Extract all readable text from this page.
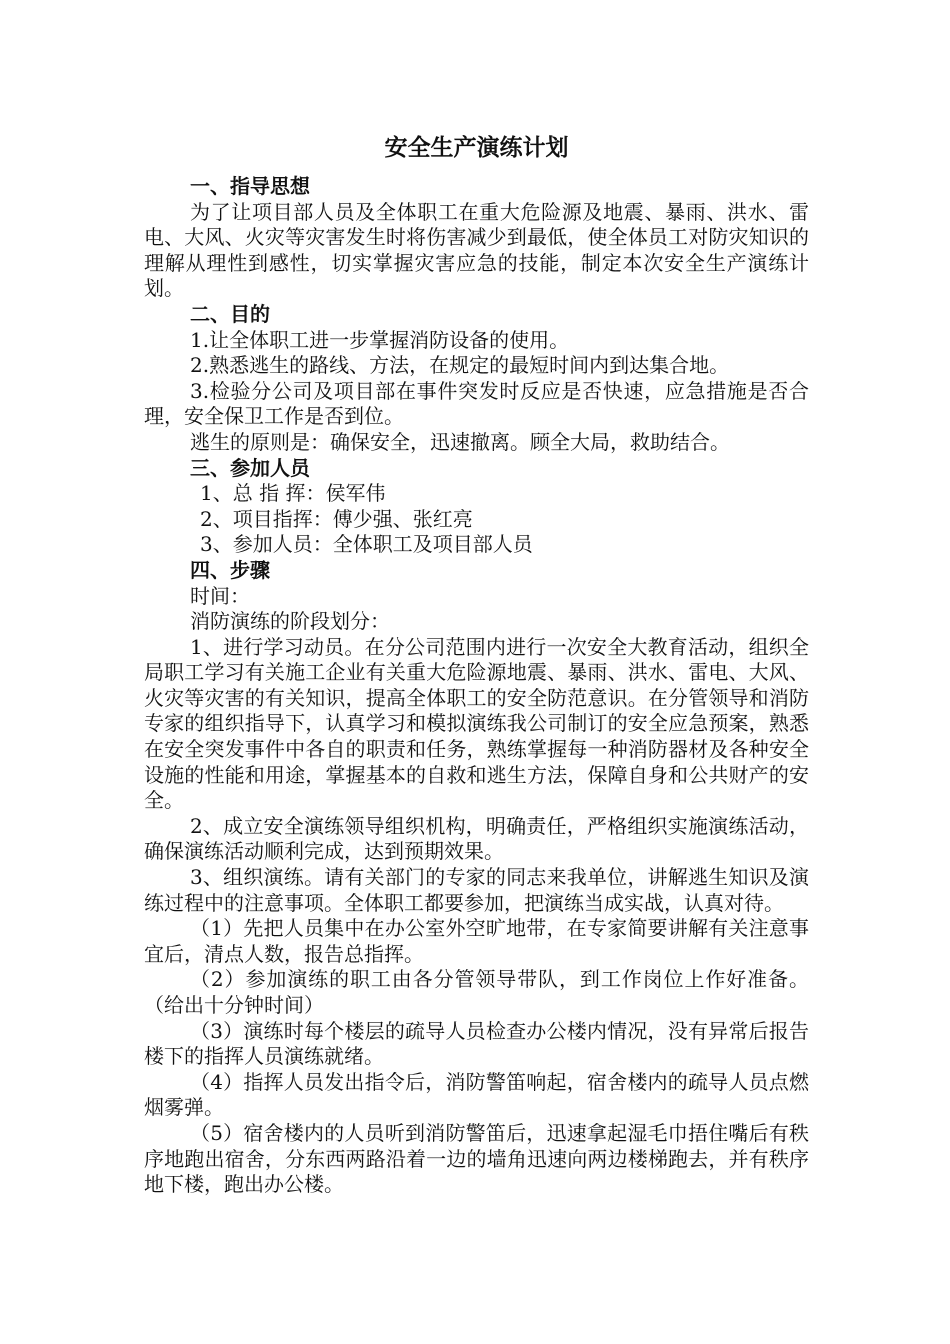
安全生产演练计划
一、指导思想
为了让项目部人员及全体职工在重大危险源及地震、暴雨、洪水、雷电、大风、火灾等灾害发生时将伤害减少到最低，使全体员工对防灾知识的理解从理性到感性，切实掌握灾害应急的技能，制定本次安全生产演练计划。
二、目的
1.让全体职工进一步掌握消防设备的使用。
2.熟悉逃生的路线、方法，在规定的最短时间内到达集合地。
3.检验分公司及项目部在事件突发时反应是否快速，应急措施是否合理，安全保卫工作是否到位。
逃生的原则是：确保安全，迅速撤离。顾全大局，救助结合。
三、参加人员
1、总 指 挥：侯军伟
2、项目指挥：傅少强、张红亮
3、参加人员：全体职工及项目部人员
四、步骤
时间：
消防演练的阶段划分：
1、进行学习动员。在分公司范围内进行一次安全大教育活动，组织全局职工学习有关施工企业有关重大危险源地震、暴雨、洪水、雷电、大风、火灾等灾害的有关知识，提高全体职工的安全防范意识。在分管领导和消防专家的组织指导下，认真学习和模拟演练我公司制订的安全应急预案，熟悉在安全突发事件中各自的职责和任务，熟练掌握每一种消防器材及各种安全设施的性能和用途，掌握基本的自救和逃生方法，保障自身和公共财产的安全。
2、成立安全演练领导组织机构，明确责任，严格组织实施演练活动，确保演练活动顺利完成，达到预期效果。
3、组织演练。请有关部门的专家的同志来我单位，讲解逃生知识及演练过程中的注意事项。全体职工都要参加，把演练当成实战，认真对待。
（1）先把人员集中在办公室外空旷地带，在专家简要讲解有关注意事宜后，清点人数，报告总指挥。
（2）参加演练的职工由各分管领导带队，到工作岗位上作好准备。（给出十分钟时间）
（3）演练时每个楼层的疏导人员检查办公楼内情况，没有异常后报告楼下的指挥人员演练就绪。
（4）指挥人员发出指令后，消防警笛响起，宿舍楼内的疏导人员点燃烟雾弹。
（5）宿舍楼内的人员听到消防警笛后，迅速拿起湿毛巾捂住嘴后有秩序地跑出宿舍，分东西两路沿着一边的墙角迅速向两边楼梯跑去，并有秩序地下楼，跑出办公楼。
